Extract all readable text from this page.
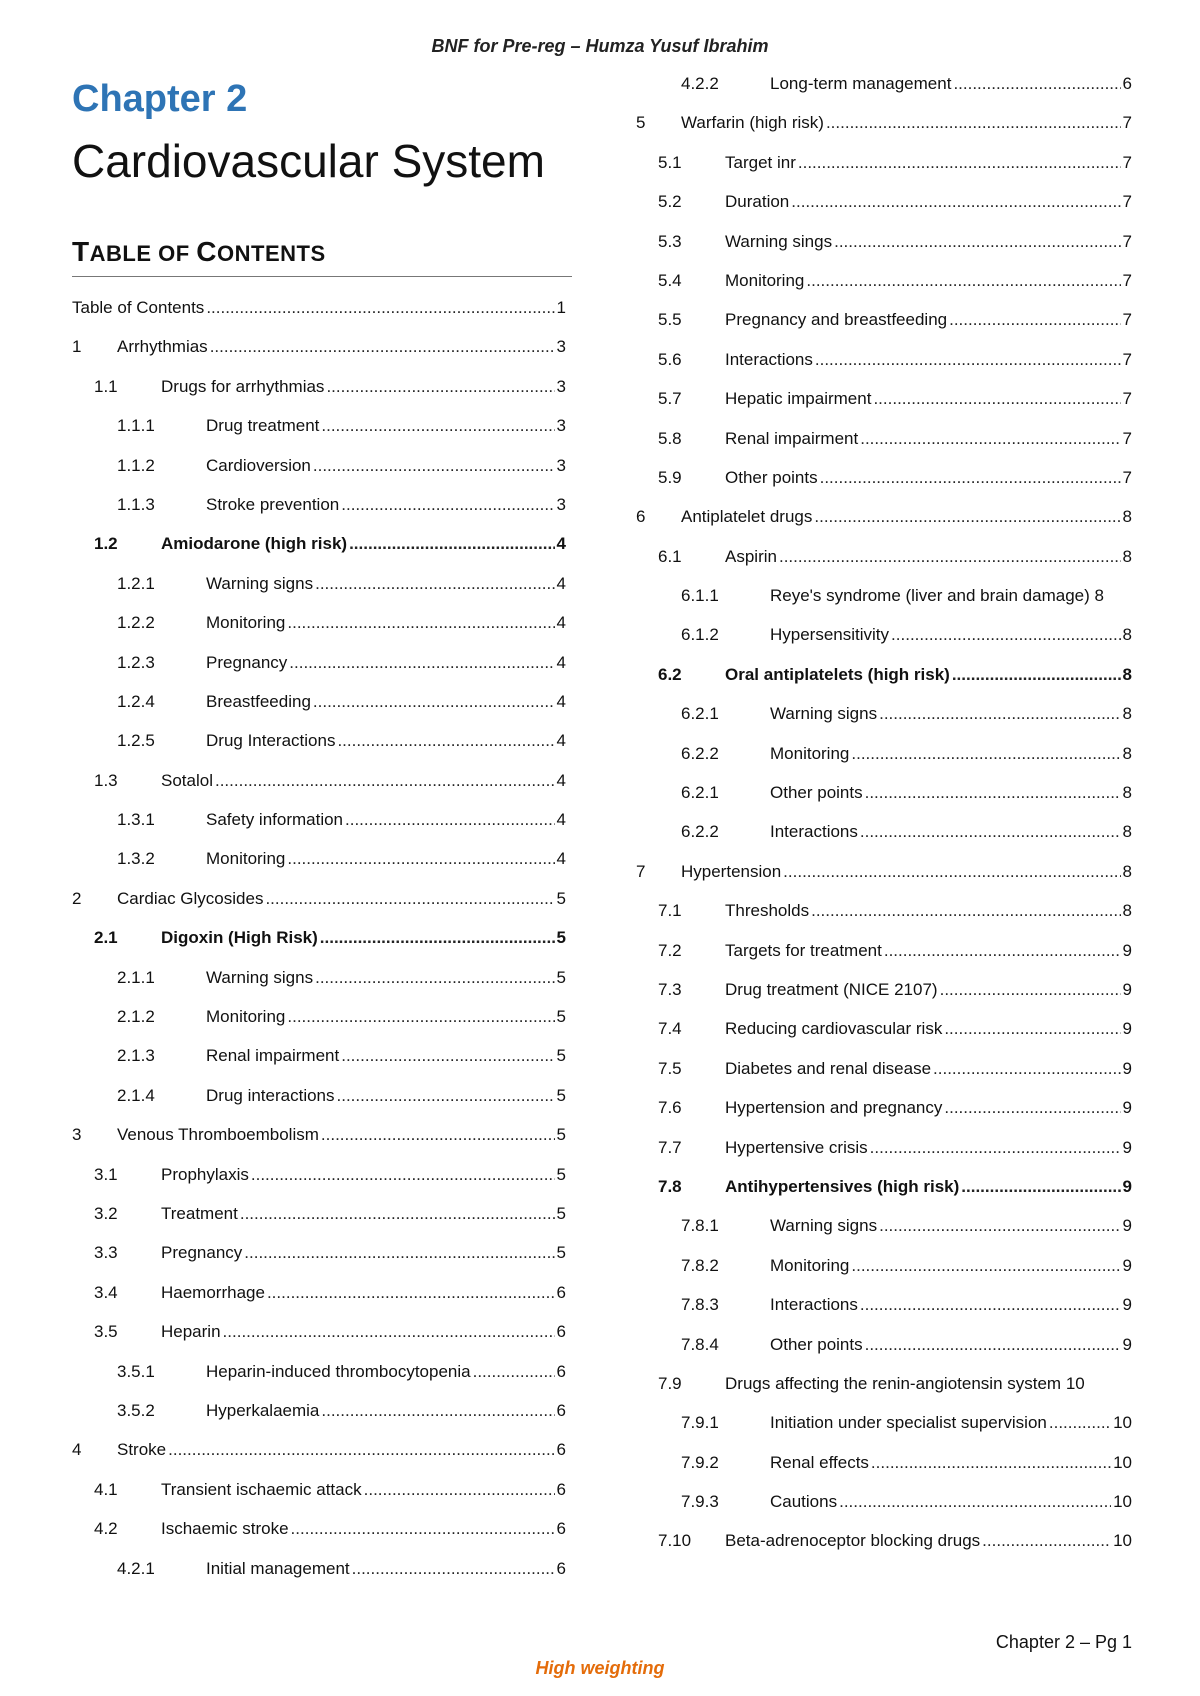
BNF for Pre-reg – Humza Yusuf Ibrahim
Chapter 2
Cardiovascular System
TABLE OF CONTENTS
Table of Contents .....	1
1	Arrhythmias .....	3
1.1	Drugs for arrhythmias .....	3
1.1.1	Drug treatment .....	3
1.1.2	Cardioversion .....	3
1.1.3	Stroke prevention .....	3
1.2	Amiodarone (high risk) .....	4
1.2.1	Warning signs .....	4
1.2.2	Monitoring .....	4
1.2.3	Pregnancy .....	4
1.2.4	Breastfeeding .....	4
1.2.5	Drug Interactions .....	4
1.3	Sotalol .....	4
1.3.1	Safety information .....	4
1.3.2	Monitoring .....	4
2	Cardiac Glycosides .....	5
2.1	Digoxin (High Risk) .....	5
2.1.1	Warning signs .....	5
2.1.2	Monitoring .....	5
2.1.3	Renal impairment .....	5
2.1.4	Drug interactions .....	5
3	Venous Thromboembolism .....	5
3.1	Prophylaxis .....	5
3.2	Treatment .....	5
3.3	Pregnancy .....	5
3.4	Haemorrhage .....	6
3.5	Heparin .....	6
3.5.1	Heparin-induced thrombocytopenia .....	6
3.5.2	Hyperkalaemia .....	6
4	Stroke .....	6
4.1	Transient ischaemic attack .....	6
4.2	Ischaemic stroke .....	6
4.2.1	Initial management .....	6
4.2.2	Long-term management .....	6
5	Warfarin (high risk) .....	7
5.1	Target inr .....	7
5.2	Duration .....	7
5.3	Warning sings .....	7
5.4	Monitoring .....	7
5.5	Pregnancy and breastfeeding .....	7
5.6	Interactions .....	7
5.7	Hepatic impairment .....	7
5.8	Renal impairment .....	7
5.9	Other points .....	7
6	Antiplatelet drugs .....	8
6.1	Aspirin .....	8
6.1.1	Reye's syndrome (liver and brain damage) 8
6.1.2	Hypersensitivity .....	8
6.2	Oral antiplatelets (high risk) .....	8
6.2.1	Warning signs .....	8
6.2.2	Monitoring .....	8
6.2.1	Other points .....	8
6.2.2	Interactions .....	8
7	Hypertension .....	8
7.1	Thresholds .....	8
7.2	Targets for treatment .....	9
7.3	Drug treatment (NICE 2107) .....	9
7.4	Reducing cardiovascular risk .....	9
7.5	Diabetes and renal disease .....	9
7.6	Hypertension and pregnancy .....	9
7.7	Hypertensive crisis .....	9
7.8	Antihypertensives (high risk) .....	9
7.8.1	Warning signs .....	9
7.8.2	Monitoring .....	9
7.8.3	Interactions .....	9
7.8.4	Other points .....	9
7.9	Drugs affecting the renin-angiotensin system 10
7.9.1	Initiation under specialist supervision .....	10
7.9.2	Renal effects .....	10
7.9.3	Cautions .....	10
7.10	Beta-adrenoceptor blocking drugs .....	10
Chapter 2 – Pg 1
High weighting
